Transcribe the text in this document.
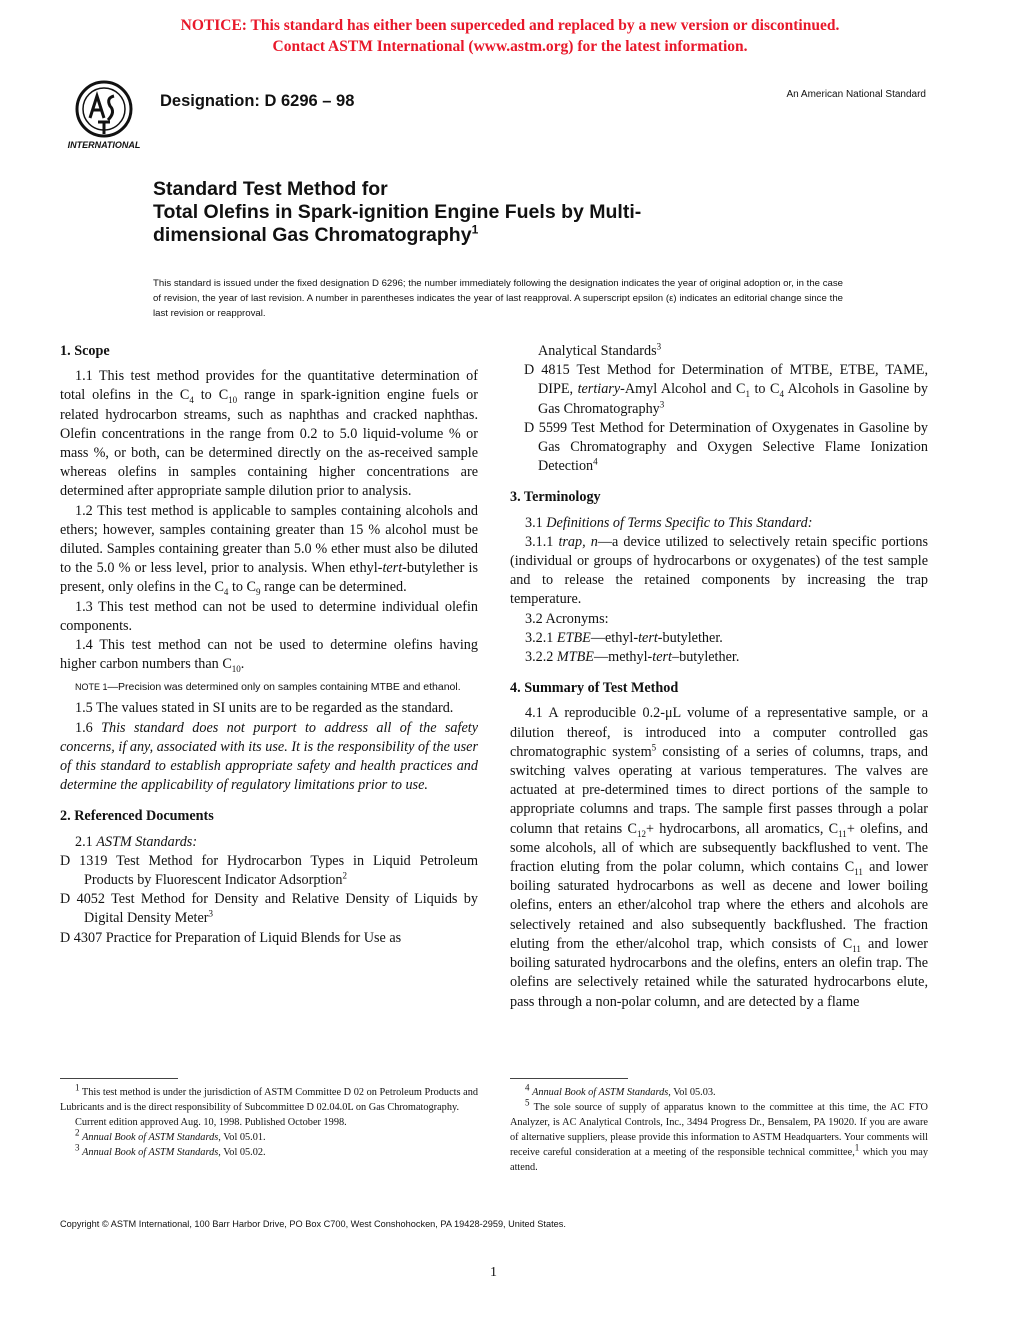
NOTICE: This standard has either been superceded and replaced by a new version or discontinued.
Contact ASTM International (www.astm.org) for the latest information.
INTERNATIONAL
Designation: D 6296 – 98	An American National Standard
Standard Test Method for
Total Olefins in Spark-ignition Engine Fuels by Multi-
dimensional Gas Chromatography$^1$
This standard is issued under the fixed designation D 6296; the number immediately following the designation indicates the year of original adoption or, in the case of revision, the year of last revision. A number in parentheses indicates the year of last reapproval. A superscript epsilon (ε) indicates an editorial change since the last revision or reapproval.

1. Scope

1.1 This test method provides for the quantitative determination of total olefins in the $C_4$ to $C_{10}$ range in spark-ignition engine fuels or related hydrocarbon streams, such as naphthas and cracked naphthas. Olefin concentrations in the range from 0.2 to 5.0 liquid-volume % or mass %, or both, can be determined directly on the as-received sample whereas olefins in samples containing higher concentrations are determined after appropriate sample dilution prior to analysis.

1.2 This test method is applicable to samples containing alcohols and ethers; however, samples containing greater than 15 % alcohol must be diluted. Samples containing greater than 5.0 % ether must also be diluted to the 5.0 % or less level, prior to analysis. When ethyl-tert-butylether is present, only olefins in the $C_4$ to $C_9$ range can be determined.

1.3 This test method can not be used to determine individual olefin components.

1.4 This test method can not be used to determine olefins having higher carbon numbers than $C_{10}$.

NOTE 1—Precision was determined only on samples containing MTBE and ethanol.

1.5 The values stated in SI units are to be regarded as the standard.

1.6 This standard does not purport to address all of the safety concerns, if any, associated with its use. It is the responsibility of the user of this standard to establish appropriate safety and health practices and determine the applicability of regulatory limitations prior to use.

2. Referenced Documents

2.1 ASTM Standards:

D 1319 Test Method for Hydrocarbon Types in Liquid Petroleum Products by Fluorescent Indicator Adsorption$^2$

D 4052 Test Method for Density and Relative Density of Liquids by Digital Density Meter$^3$

D 4307 Practice for Preparation of Liquid Blends for Use as

Analytical Standards$^3$

D 4815 Test Method for Determination of MTBE, ETBE, TAME, DIPE, tertiary-Amyl Alcohol and $C_1$ to $C_4$ Alcohols in Gasoline by Gas Chromatography$^3$

D 5599 Test Method for Determination of Oxygenates in Gasoline by Gas Chromatography and Oxygen Selective Flame Ionization Detection$^4$

3. Terminology

3.1 Definitions of Terms Specific to This Standard:

3.1.1 trap, n—a device utilized to selectively retain specific portions (individual or groups of hydrocarbons or oxygenates) of the test sample and to release the retained components by increasing the trap temperature.

3.2 Acronyms:

3.2.1 ETBE—ethyl-tert-butylether.

3.2.2 MTBE—methyl-tert–butylether.

4. Summary of Test Method

4.1 A reproducible 0.2-μL volume of a representative sample, or a dilution thereof, is introduced into a computer controlled gas chromatographic system$^5$ consisting of a series of columns, traps, and switching valves operating at various temperatures. The valves are actuated at pre-determined times to direct portions of the sample to appropriate columns and traps. The sample first passes through a polar column that retains $C_{12}+$ hydrocarbons, all aromatics, $C_{11}+$ olefins, and some alcohols, all of which are subsequently backflushed to vent. The fraction eluting from the polar column, which contains $C_{11}$ and lower boiling saturated hydrocarbons as well as decene and lower boiling olefins, enters an ether/alcohol trap where the ethers and alcohols are selectively retained and also subsequently backflushed. The fraction eluting from the ether/alcohol trap, which consists of $C_{11}$ and lower boiling saturated hydrocarbons and the olefins, enters an olefin trap. The olefins are selectively retained while the saturated hydrocarbons elute, pass through a non-polar column, and are detected by a flame

$^1$ This test method is under the jurisdiction of ASTM Committee D 02 on Petroleum Products and Lubricants and is the direct responsibility of Subcommittee D 02.04.0L on Gas Chromatography.

Current edition approved Aug. 10, 1998. Published October 1998.

$^2$ Annual Book of ASTM Standards, Vol 05.01.

$^3$ Annual Book of ASTM Standards, Vol 05.02.

$^4$ Annual Book of ASTM Standards, Vol 05.03.

$^5$ The sole source of supply of apparatus known to the committee at this time, the AC FTO Analyzer, is AC Analytical Controls, Inc., 3494 Progress Dr., Bensalem, PA 19020. If you are aware of alternative suppliers, please provide this information to ASTM Headquarters. Your comments will receive careful consideration at a meeting of the responsible technical committee,$^1$ which you may attend.

Copyright © ASTM International, 100 Barr Harbor Drive, PO Box C700, West Conshohocken, PA 19428-2959, United States.
1
